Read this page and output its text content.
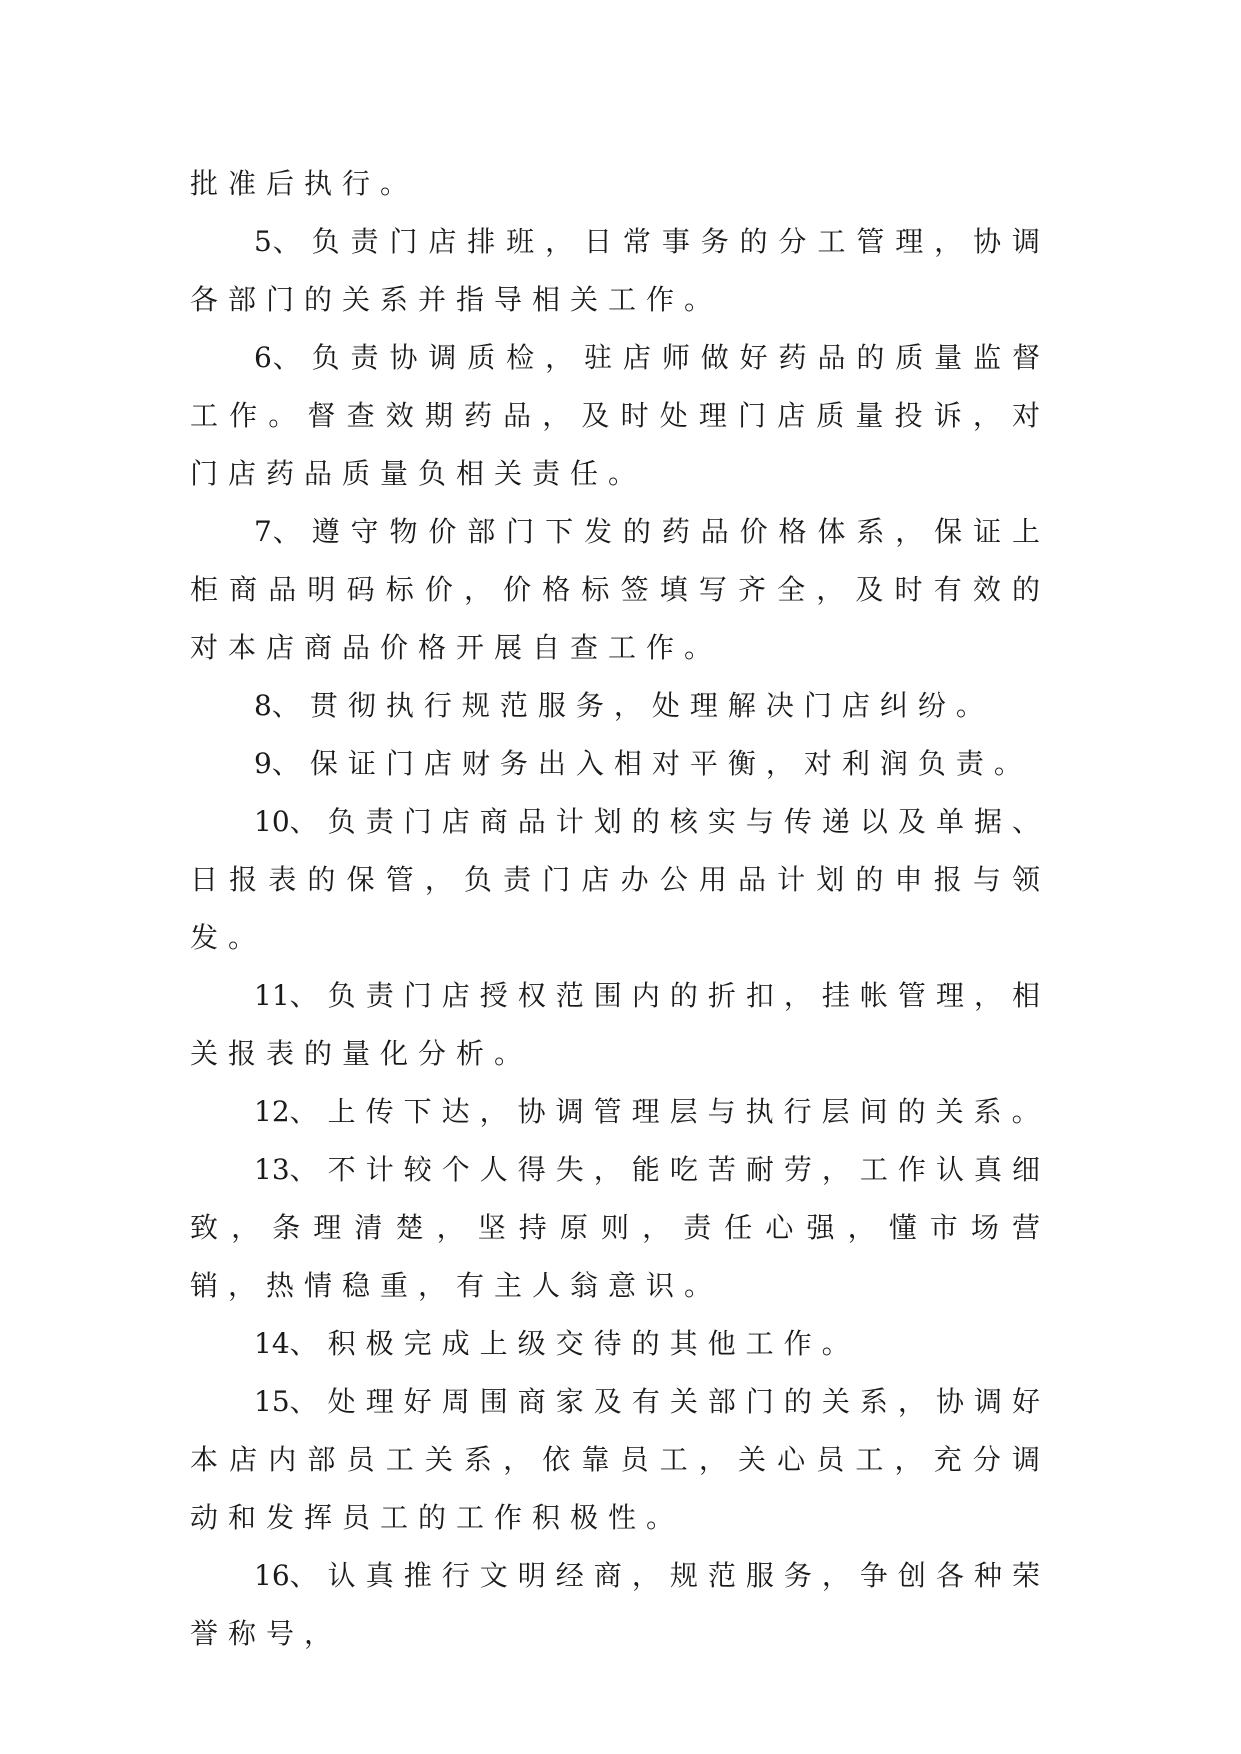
批准后执行。

5、负责门店排班，日常事务的分工管理，协调各部门的关系并指导相关工作。

6、负责协调质检，驻店师做好药品的质量监督工作。督查效期药品，及时处理门店质量投诉，对门店药品质量负相关责任。

7、遵守物价部门下发的药品价格体系，保证上柜商品明码标价，价格标签填写齐全，及时有效的对本店商品价格开展自查工作。

8、贯彻执行规范服务，处理解决门店纠纷。

9、保证门店财务出入相对平衡，对利润负责。

10、负责门店商品计划的核实与传递以及单据、日报表的保管，负责门店办公用品计划的申报与领发。

11、负责门店授权范围内的折扣，挂帐管理，相关报表的量化分析。

12、上传下达，协调管理层与执行层间的关系。

13、不计较个人得失，能吃苦耐劳，工作认真细致，条理清楚，坚持原则，责任心强，懂市场营销，热情稳重，有主人翁意识。

14、积极完成上级交待的其他工作。

15、处理好周围商家及有关部门的关系，协调好本店内部员工关系，依靠员工，关心员工，充分调动和发挥员工的工作积极性。

16、认真推行文明经商，规范服务，争创各种荣誉称号，
